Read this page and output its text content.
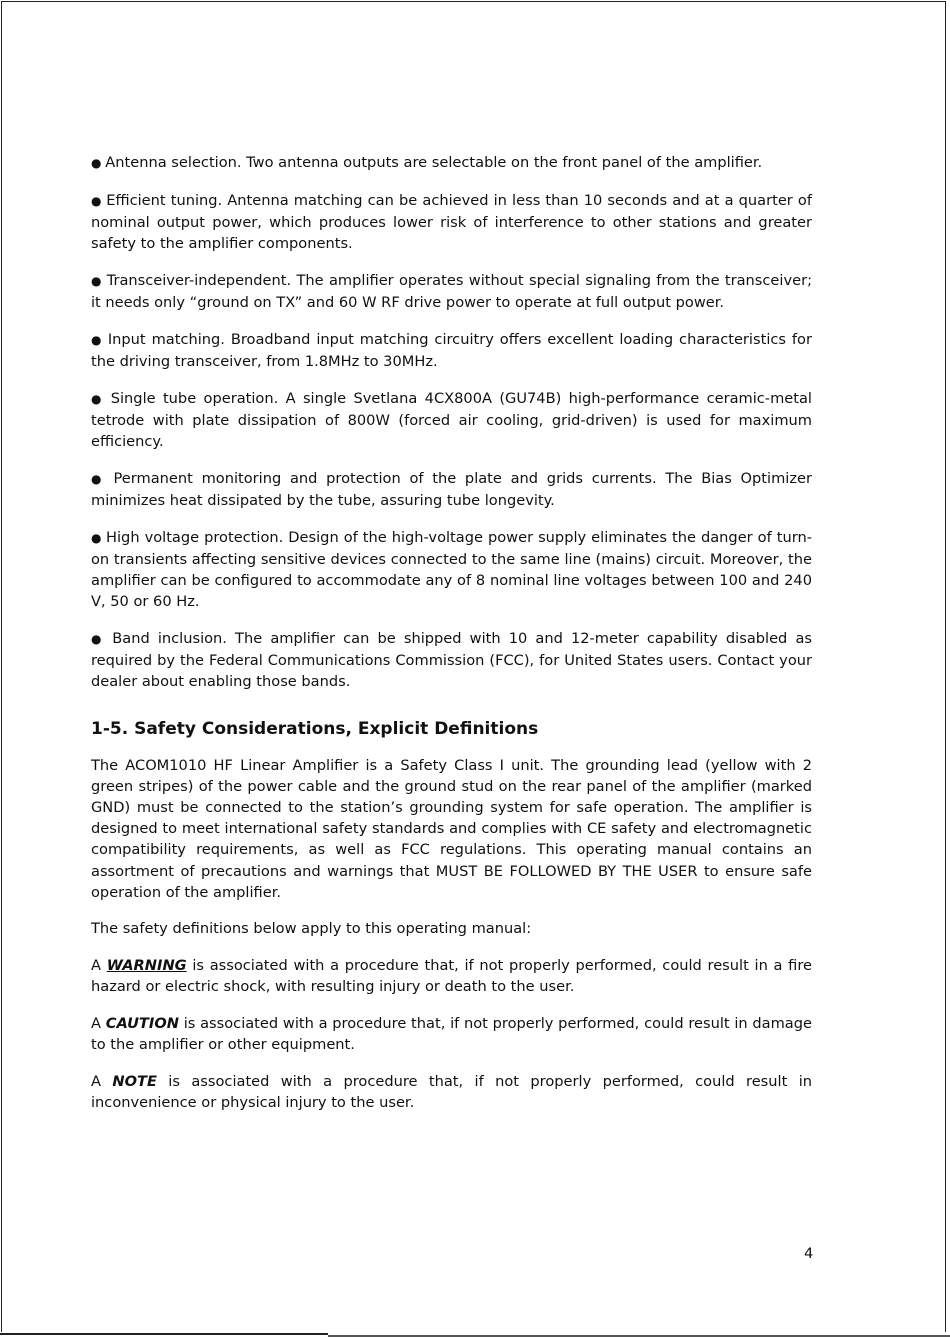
● Antenna selection. Two antenna outputs are selectable on the front panel of the amplifier.

● Efficient tuning. Antenna matching can be achieved in less than 10 seconds and at a quarter of nominal output power, which produces lower risk of interference to other stations and greater safety to the amplifier components.

● Transceiver-independent. The amplifier operates without special signaling from the transceiver; it needs only “ground on TX” and 60 W RF drive power to operate at full output power.

● Input matching. Broadband input matching circuitry offers excellent loading characteristics for the driving transceiver, from 1.8MHz to 30MHz.

● Single tube operation. A single Svetlana 4CX800A (GU74B) high-performance ceramic-metal tetrode with plate dissipation of 800W (forced air cooling, grid-driven) is used for maximum efficiency.

● Permanent monitoring and protection of the plate and grids currents. The Bias Optimizer minimizes heat dissipated by the tube, assuring tube longevity.

● High voltage protection. Design of the high-voltage power supply eliminates the danger of turn-on transients affecting sensitive devices connected to the same line (mains) circuit. Moreover, the amplifier can be configured to accommodate any of 8 nominal line voltages between 100 and 240 V, 50 or 60 Hz.

● Band inclusion. The amplifier can be shipped with 10 and 12-meter capability disabled as required by the Federal Communications Commission (FCC), for United States users. Contact your dealer about enabling those bands.

1-5. Safety Considerations, Explicit Definitions

The ACOM1010 HF Linear Amplifier is a Safety Class I unit. The grounding lead (yellow with 2 green stripes) of the power cable and the ground stud on the rear panel of the amplifier (marked GND) must be connected to the station’s grounding system for safe operation. The amplifier is designed to meet international safety standards and complies with CE safety and electromagnetic compatibility requirements, as well as FCC regulations. This operating manual contains an assortment of precautions and warnings that MUST BE FOLLOWED BY THE USER to ensure safe operation of the amplifier.

The safety definitions below apply to this operating manual:

A WARNING is associated with a procedure that, if not properly performed, could result in a fire hazard or electric shock, with resulting injury or death to the user.

A CAUTION is associated with a procedure that, if not properly performed, could result in damage to the amplifier or other equipment.

A NOTE is associated with a procedure that, if not properly performed, could result in inconvenience or physical injury to the user.

4
